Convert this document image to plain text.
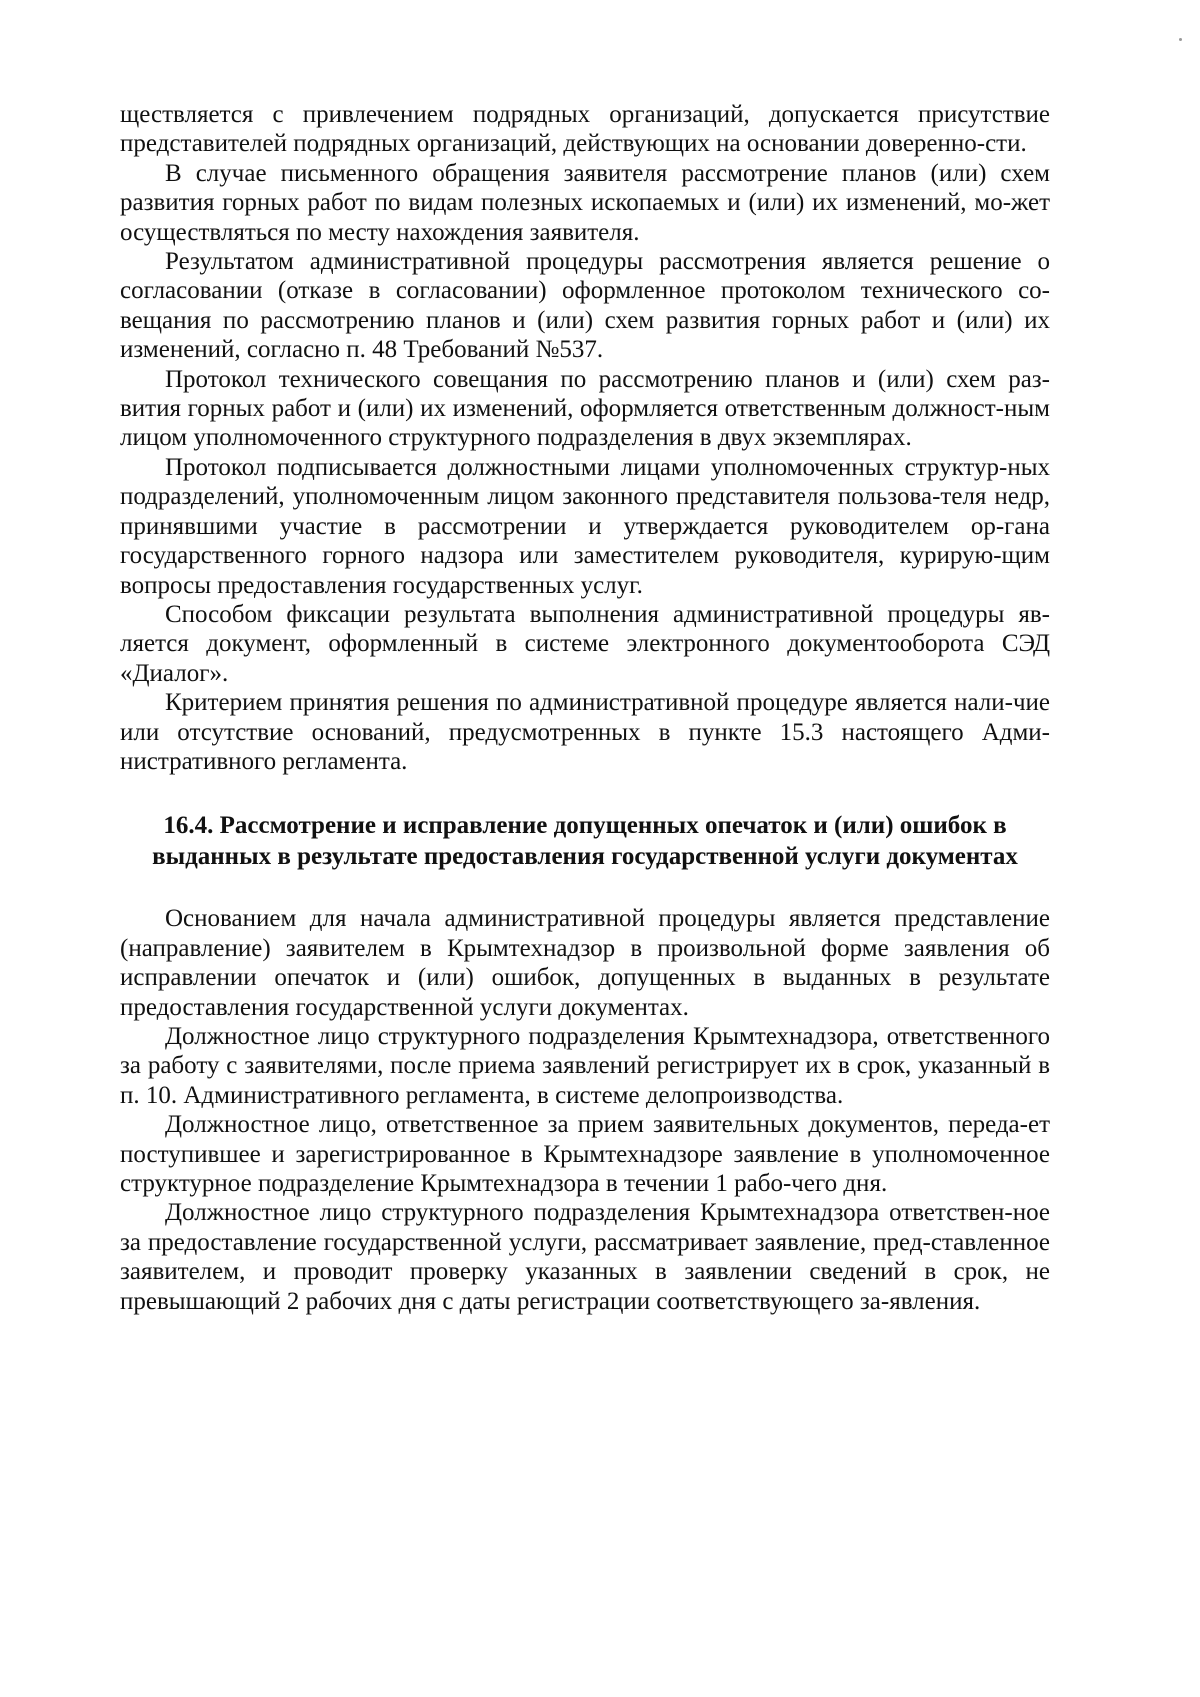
ществляется с привлечением подрядных организаций, допускается присутствие представителей подрядных организаций, действующих на основании доверенно-сти.

В случае письменного обращения заявителя рассмотрение планов (или) схем развития горных работ по видам полезных ископаемых и (или) их изменений, мо-жет осуществляться по месту нахождения заявителя.

Результатом административной процедуры рассмотрения является решение о согласовании (отказе в согласовании) оформленное протоколом технического со-вещания по рассмотрению планов и (или) схем развития горных работ и (или) их изменений, согласно п. 48 Требований №537.

Протокол технического совещания по рассмотрению планов и (или) схем раз-вития горных работ и (или) их изменений, оформляется ответственным должност-ным лицом уполномоченного структурного подразделения в двух экземплярах.

Протокол подписывается должностными лицами уполномоченных структур-ных подразделений, уполномоченным лицом законного представителя пользова-теля недр, принявшими участие в рассмотрении и утверждается руководителем ор-гана государственного горного надзора или заместителем руководителя, курирую-щим вопросы предоставления государственных услуг.

Способом фиксации результата выполнения административной процедуры яв-ляется документ, оформленный в системе электронного документооборота СЭД «Диалог».

Критерием принятия решения по административной процедуре является нали-чие или отсутствие оснований, предусмотренных в пункте 15.3 настоящего Адми-нистративного регламента.

16.4. Рассмотрение и исправление допущенных опечаток и (или) ошибок в выданных в результате предоставления государственной услуги документах

Основанием для начала административной процедуры является представление (направление) заявителем в Крымтехнадзор в произвольной форме заявления об исправлении опечаток и (или) ошибок, допущенных в выданных в результате предоставления государственной услуги документах.

Должностное лицо структурного подразделения Крымтехнадзора, ответственного за работу с заявителями, после приема заявлений регистрирует их в срок, указанный в п. 10. Административного регламента, в системе делопроизводства.

Должностное лицо, ответственное за прием заявительных документов, переда-ет поступившее и зарегистрированное в Крымтехнадзоре заявление в уполномоченное структурное подразделение Крымтехнадзора в течении 1 рабо-чего дня.

Должностное лицо структурного подразделения Крымтехнадзора ответствен-ное за предоставление государственной услуги, рассматривает заявление, пред-ставленное заявителем, и проводит проверку указанных в заявлении сведений в срок, не превышающий 2 рабочих дня с даты регистрации соответствующего за-явления.
